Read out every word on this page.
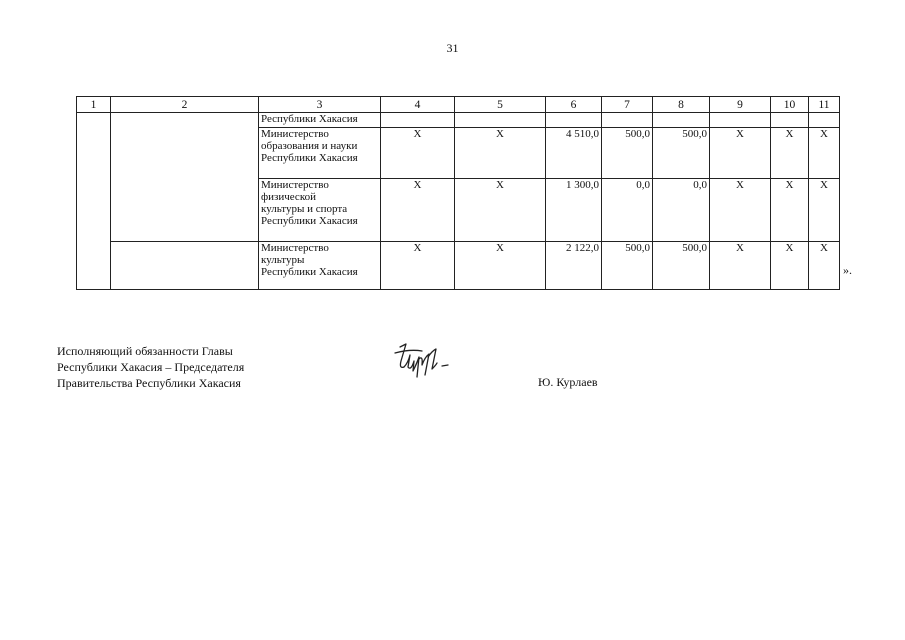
31
1	2	3	4	5	6	7	8	9	10	11
		Республики Хакасия								

		Министерство
образования и науки
Республики Хакасия	Х	Х	4 510,0	500,0	500,0	Х	Х	Х

		Министерство
физической
культуры и спорта
Республики Хакасия	Х	Х	1 300,0	0,0	0,0	Х	Х	Х

		Министерство
культуры
Республики Хакасия	Х	Х	2 122,0	500,0	500,0	Х	Х	Х
».
Исполняющий обязанности Главы
Республики Хакасия – Председателя
Правительства Республики Хакасия	Ю. Курлаев
